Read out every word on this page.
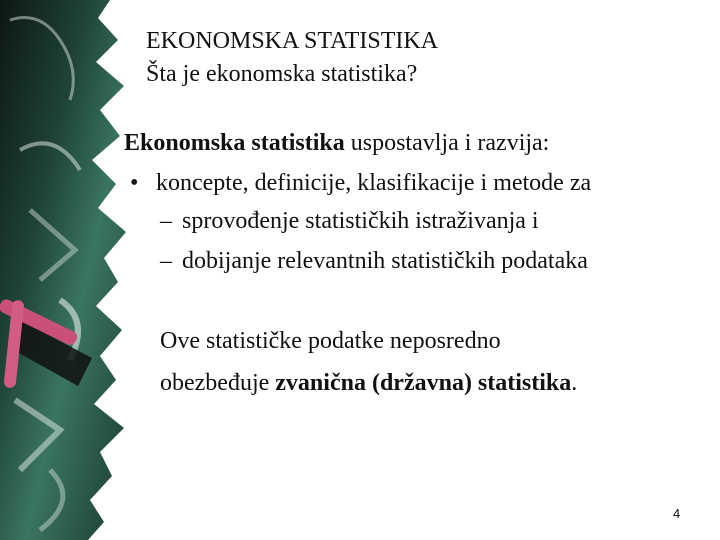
EKONOMSKA STATISTIKA
Šta je ekonomska statistika?
Ekonomska statistika uspostavlja i razvija:
• koncepte, definicije, klasifikacije i metode za
– sprovođenje statističkih istraživanja i
– dobijanje relevantnih statističkih podataka
Ove statističke podatke neposredno
obezbeđuje zvanična (državna) statistika.
4
